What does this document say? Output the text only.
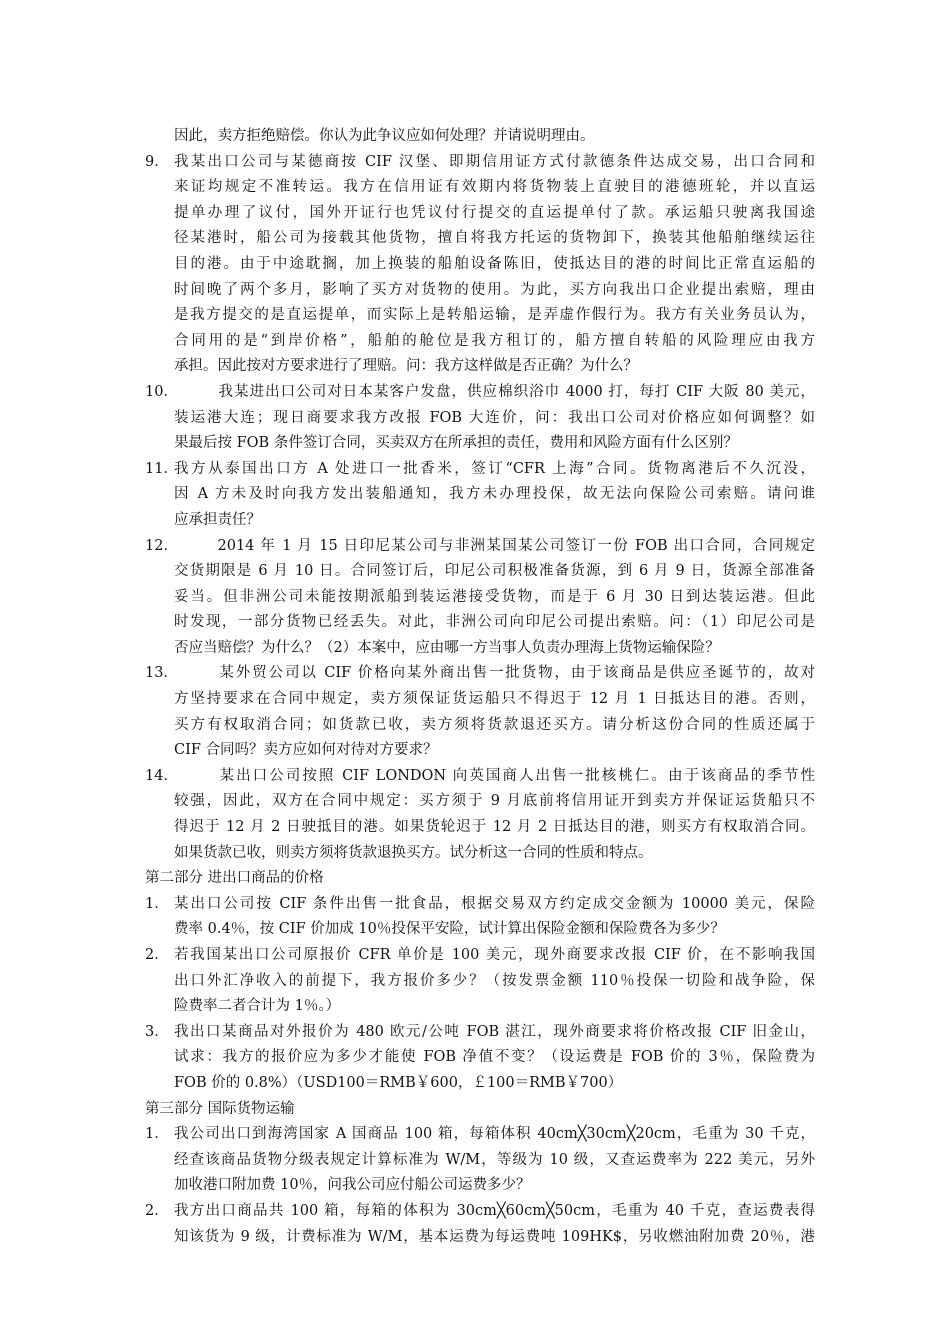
因此，卖方拒绝赔偿。你认为此争议应如何处理？并请说明理由。
9． 我某出口公司与某德商按 CIF 汉堡、即期信用证方式付款德条件达成交易，出口合同和
来证均规定不准转运。我方在信用证有效期内将货物装上直驶目的港德班轮，并以直运
提单办理了议付，国外开证行也凭议付行提交的直运提单付了款。承运船只驶离我国途
径某港时，船公司为接载其他货物，擅自将我方托运的货物卸下，换装其他船舶继续运往
目的港。由于中途耽搁，加上换装的船舶设备陈旧，使抵达目的港的时间比正常直运船的
时间晚了两个多月，影响了买方对货物的使用。为此，买方向我出口企业提出索赔，理由
是我方提交的是直运提单，而实际上是转船运输，是弄虚作假行为。我方有关业务员认为，
合同用的是“到岸价格”，船舶的舱位是我方租订的，船方擅自转船的风险理应由我方
承担。因此按对方要求进行了理赔。问：我方这样做是否正确？为什么？
10．	我某进出口公司对日本某客户发盘，供应棉织浴巾 4000 打，每打 CIF 大阪 80 美元，
装运港大连；现日商要求我方改报 FOB 大连价，问：我出口公司对价格应如何调整？如
果最后按 FOB 条件签订合同，买卖双方在所承担的责任，费用和风险方面有什么区别？
11．
我方从泰国出口方 A 处进口一批香米，签订“CFR 上海”合同。货物离港后不久沉没，
因 A 方未及时向我方发出装船通知，我方未办理投保，故无法向保险公司索赔。请问谁
应承担责任？
12．	2014 年 1 月 15 日印尼某公司与非洲某国某公司签订一份 FOB 出口合同，合同规定
交货期限是 6 月 10 日。合同签订后，印尼公司积极准备货源，到 6 月 9 日，货源全部准备
妥当。但非洲公司未能按期派船到装运港接受货物，而是于 6 月 30 日到达装运港。但此
时发现，一部分货物已经丢失。对此，非洲公司向印尼公司提出索赔。问：（1）印尼公司是
否应当赔偿？为什么？（2）本案中，应由哪一方当事人负责办理海上货物运输保险？
13．	某外贸公司以 CIF 价格向某外商出售一批货物，由于该商品是供应圣诞节的，故对
方坚持要求在合同中规定，卖方须保证货运船只不得迟于 12 月 1 日抵达目的港。否则，
买方有权取消合同；如货款已收，卖方须将货款退还买方。请分析这份合同的性质还属于
CIF 合同吗？卖方应如何对待对方要求？
14．	某出口公司按照 CIF LONDON 向英国商人出售一批核桃仁。由于该商品的季节性
较强，因此，双方在合同中规定：买方须于 9 月底前将信用证开到卖方并保证运货船只不
得迟于 12 月 2 日驶抵目的港。如果货轮迟于 12 月 2 日抵达目的港，则买方有权取消合同。
如果货款已收，则卖方须将货款退换买方。试分析这一合同的性质和特点。

第二部分 进出口商品的价格

1． 某出口公司按 CIF 条件出售一批食品，根据交易双方约定成交金额为 10000 美元，保险
费率 0.4％，按 CIF 价加成 10％投保平安险，试计算出保险金额和保险费各为多少？
2． 若我国某出口公司原报价 CFR 单价是 100 美元，现外商要求改报 CIF 价，在不影响我国
出口外汇净收入的前提下，我方报价多少？（按发票金额 110％投保一切险和战争险，保
险费率二者合计为 1％。）
3． 我出口某商品对外报价为 480 欧元/公吨 FOB 湛江，现外商要求将价格改报 CIF 旧金山，
试求：我方的报价应为多少才能使 FOB 净值不变？（设运费是 FOB 价的 3％，保险费为
FOB 价的 0.8%）（USD100＝RMB￥600，￡100＝RMB￥700）

第三部分 国际货物运输

1． 我公司出口到海湾国家 A 国商品 100 箱，每箱体积 40cm╳30cm╳20cm，毛重为 30 千克，
经查该商品货物分级表规定计算标准为 W/M，等级为 10 级，又查运费率为 222 美元，另外
加收港口附加费 10％，问我公司应付船公司运费多少？
2． 我方出口商品共 100 箱，每箱的体积为 30cm╳60cm╳50cm，毛重为 40 千克，查运费表得
知该货为 9 级，计费标准为 W/M，基本运费为每运费吨 109HK$，另收燃油附加费 20％，港
